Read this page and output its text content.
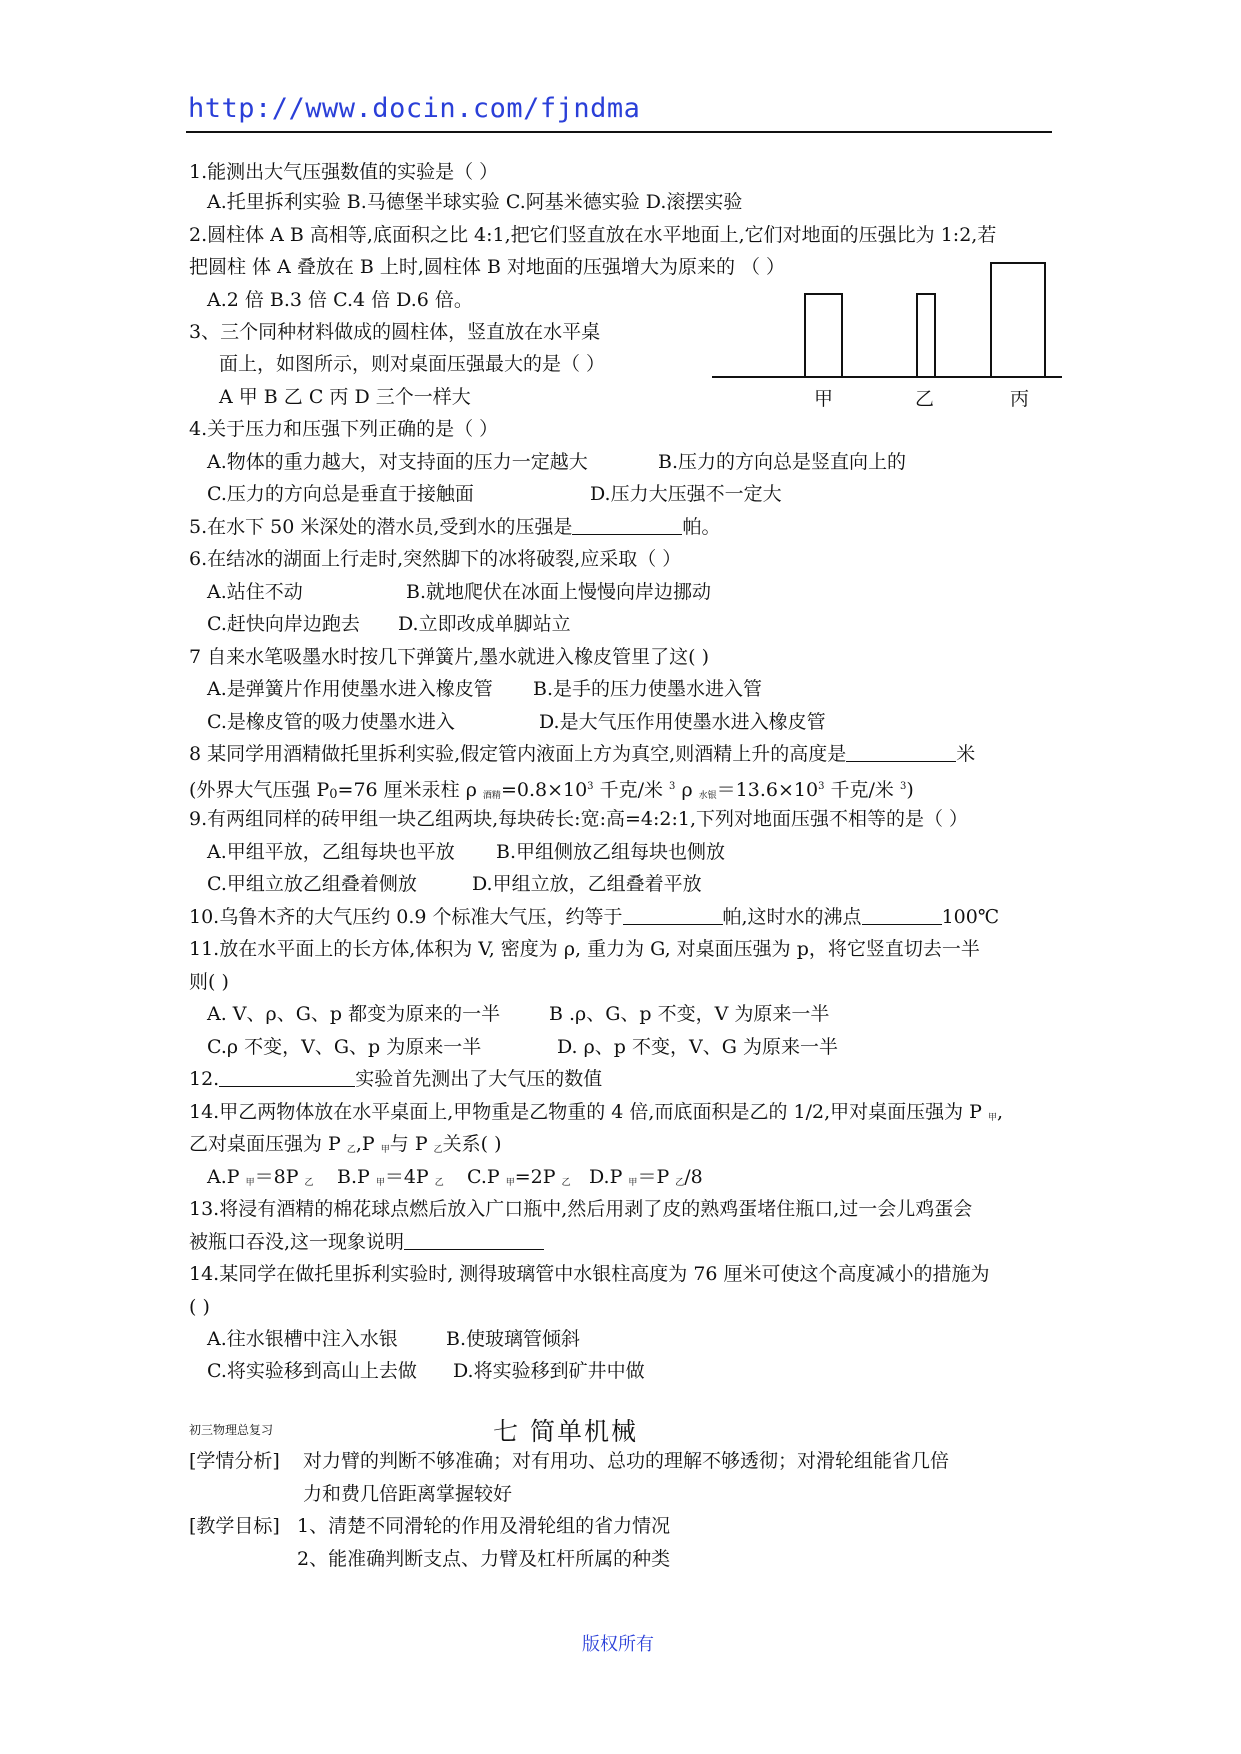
http://www.docin.com/fjndma
1.能测出大气压强数值的实验是（ ）
A.托里拆利实验 B.马德堡半球实验 C.阿基米德实验 D.滚摆实验
2.圆柱体 A B 高相等,底面积之比 4:1,把它们竖直放在水平地面上,它们对地面的压强比为 1:2,若
把圆柱 体 A 叠放在 B 上时,圆柱体 B 对地面的压强增大为原来的 （ ）
A.2 倍 B.3 倍 C.4 倍 D.6 倍。
3、三个同种材料做成的圆柱体，竖直放在水平桌
面上，如图所示，则对桌面压强最大的是（ ）
A 甲 B 乙 C 丙 D 三个一样大	甲	乙	丙
4.关于压力和压强下列正确的是（ ）
A.物体的重力越大，对支持面的压力一定越大	B.压力的方向总是竖直向上的
C.压力的方向总是垂直于接触面	D.压力大压强不一定大
5.在水下 50 米深处的潜水员,受到水的压强是	帕。
6.在结冰的湖面上行走时,突然脚下的冰将破裂,应采取（ ）
A.站住不动	B.就地爬伏在冰面上慢慢向岸边挪动
C.赶快向岸边跑去 D.立即改成单脚站立
7 自来水笔吸墨水时按几下弹簧片,墨水就进入橡皮管里了这( )
A.是弹簧片作用使墨水进入橡皮管 B.是手的压力使墨水进入管
C.是橡皮管的吸力使墨水进入	D.是大气压作用使墨水进入橡皮管
8 某同学用酒精做托里拆利实验,假定管内液面上方为真空,则酒精上升的高度是	米
(外界大气压强 P0=76 厘米汞柱 ρ $_{酒精}=0.8\times 10^3$ 千克/米 $^3$ ρ $_{水银}=13.6\times 10^3$ 千克/米 $^3$)
9.有两组同样的砖甲组一块乙组两块,每块砖长:宽:高=4:2:1,下列对地面压强不相等的是（ ）
A.甲组平放，乙组每块也平放 B.甲组侧放乙组每块也侧放
C.甲组立放乙组叠着侧放	D.甲组立放，乙组叠着平放
10.乌鲁木齐的大气压约 0.9 个标准大气压，约等于	帕,这时水的沸点	100℃
11.放在水平面上的长方体,体积为 V, 密度为 ρ, 重力为 G, 对桌面压强为 p，将它竖直切去一半
则( )
A. V、ρ、G、p 都变为原来的一半	B .ρ、G、p 不变，V 为原来一半
C.ρ 不变，V、G、p 为原来一半	D. ρ、p 不变，V、G 为原来一半
12.	实验首先测出了大气压的数值
14.甲乙两物体放在水平桌面上,甲物重是乙物重的 4 倍,而底面积是乙的 1/2,甲对桌面压强为 P $_甲$,
乙对桌面压强为 P $_乙$,P $_甲$与 P $_乙$关系( )
A.P $_甲$＝8P $_乙$ B.P $_甲$＝4P $_乙$ C.P $_甲$=2P $_乙$ D.P $_甲$＝P $_乙$/8
13.将浸有酒精的棉花球点燃后放入广口瓶中,然后用剥了皮的熟鸡蛋堵住瓶口,过一会儿鸡蛋会
被瓶口吞没,这一现象说明
14.某同学在做托里拆利实验时, 测得玻璃管中水银柱高度为 76 厘米可使这个高度减小的措施为
( )
A.往水银槽中注入水银	B.使玻璃管倾斜
C.将实验移到高山上去做 D.将实验移到矿井中做
初三物理总复习	七 简单机械
[学情分析] 对力臂的判断不够准确；对有用功、总功的理解不够透彻；对滑轮组能省几倍
力和费几倍距离掌握较好
[教学目标] 1、清楚不同滑轮的作用及滑轮组的省力情况
2、能准确判断支点、力臂及杠杆所属的种类
版权所有
